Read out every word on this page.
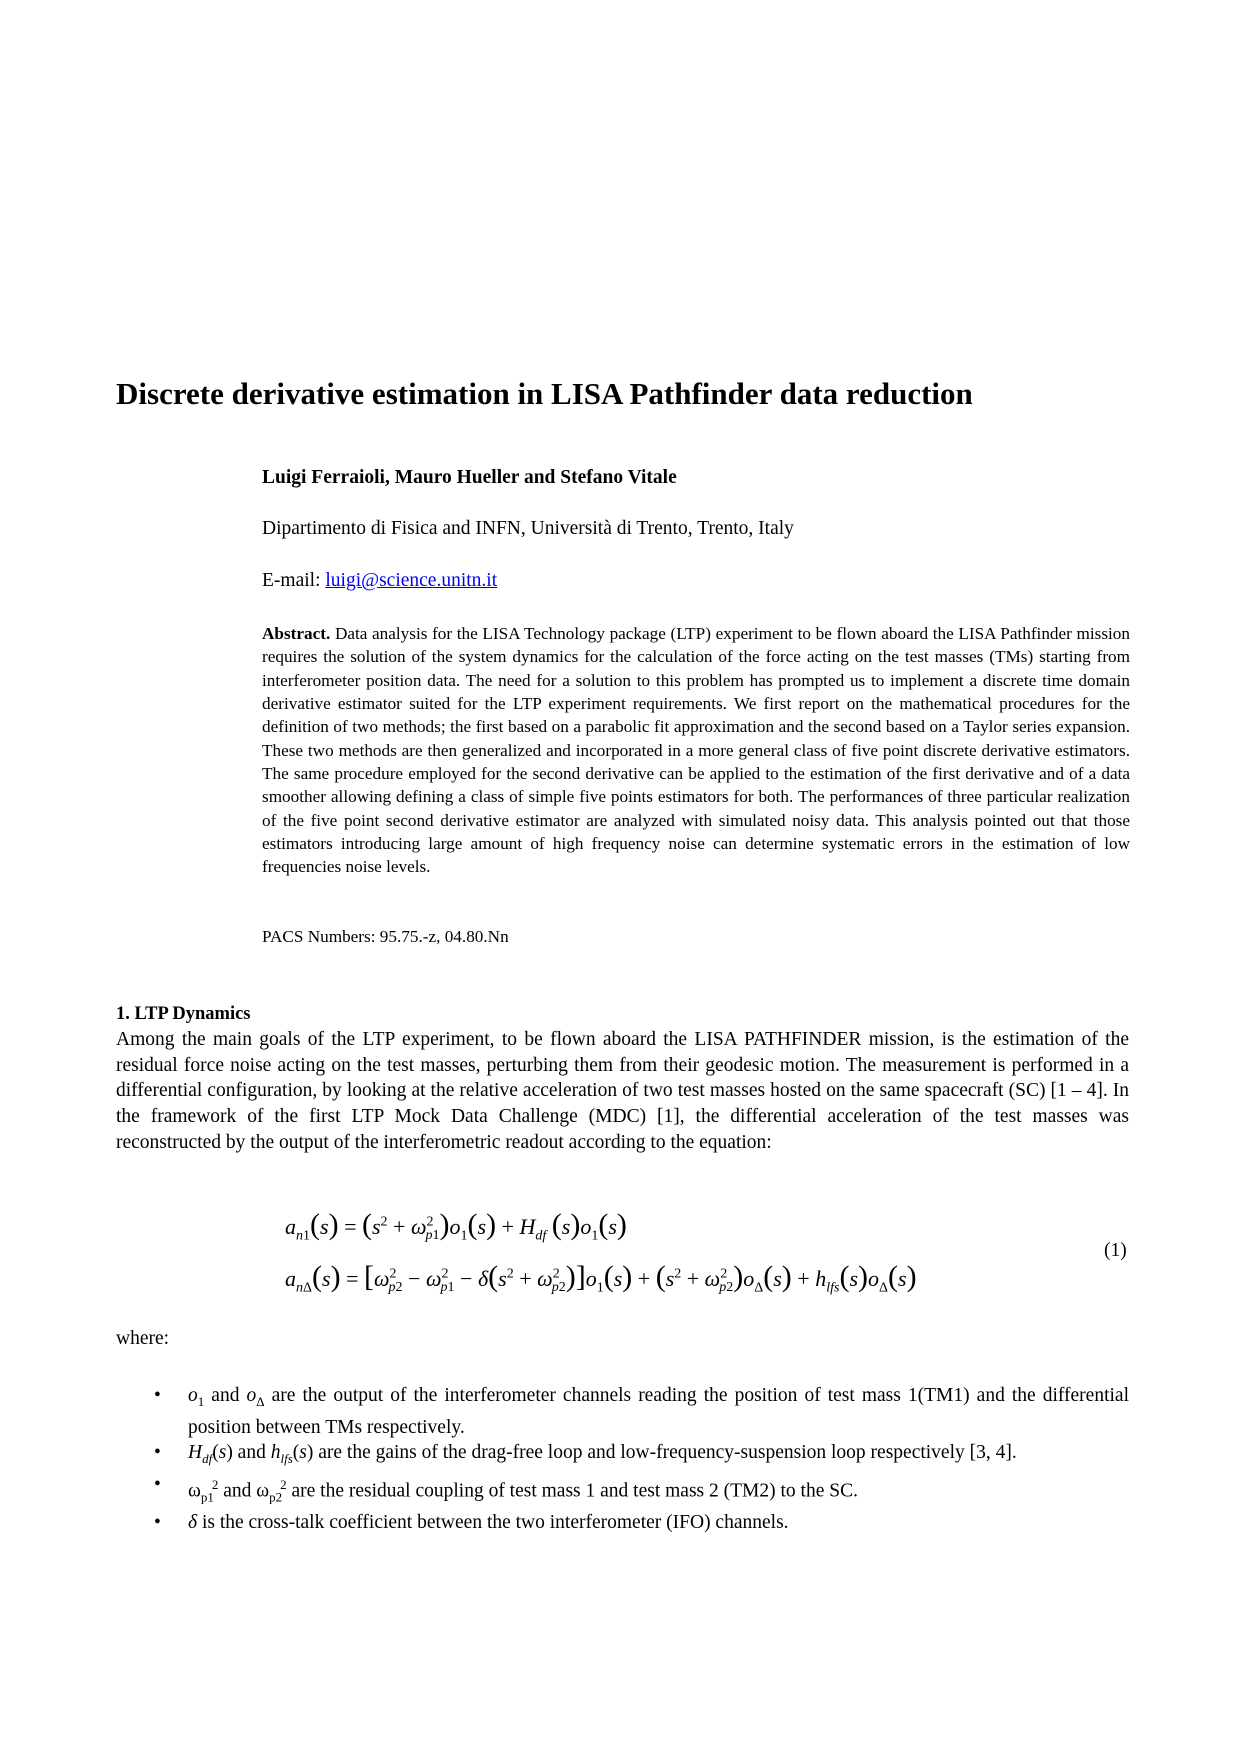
Discrete derivative estimation in LISA Pathfinder data reduction
Luigi Ferraioli, Mauro Hueller and Stefano Vitale
Dipartimento di Fisica and INFN, Università di Trento, Trento, Italy
E-mail: luigi@science.unitn.it
Abstract. Data analysis for the LISA Technology package (LTP) experiment to be flown aboard the LISA Pathfinder mission requires the solution of the system dynamics for the calculation of the force acting on the test masses (TMs) starting from interferometer position data. The need for a solution to this problem has prompted us to implement a discrete time domain derivative estimator suited for the LTP experiment requirements. We first report on the mathematical procedures for the definition of two methods; the first based on a parabolic fit approximation and the second based on a Taylor series expansion. These two methods are then generalized and incorporated in a more general class of five point discrete derivative estimators. The same procedure employed for the second derivative can be applied to the estimation of the first derivative and of a data smoother allowing defining a class of simple five points estimators for both. The performances of three particular realization of the five point second derivative estimator are analyzed with simulated noisy data. This analysis pointed out that those estimators introducing large amount of high frequency noise can determine systematic errors in the estimation of low frequencies noise levels.
PACS Numbers: 95.75.-z, 04.80.Nn
1. LTP Dynamics
Among the main goals of the LTP experiment, to be flown aboard the LISA PATHFINDER mission, is the estimation of the residual force noise acting on the test masses, perturbing them from their geodesic motion. The measurement is performed in a differential configuration, by looking at the relative acceleration of two test masses hosted on the same spacecraft (SC) [1 – 4]. In the framework of the first LTP Mock Data Challenge (MDC) [1], the differential acceleration of the test masses was reconstructed by the output of the interferometric readout according to the equation:
$a_{n1}(s) = (s^2 + \omega^2_{p1})o_1(s) + H_{df}$ $(s)o_1(s)$
$a_{n\Delta}(s) = [\omega^2_{p2} - \omega^2_{p1} - \delta(s^2 + \omega^2_{p2})]o_1(s) + (s^2 + \omega^2_{p2})o_\Delta(s) + h_{lfs}(s)o_\Delta(s)$
(1)
where:
• $o_1$ and $o_\Delta$ are the output of the interferometer channels reading the position of test mass 1(TM1) and the differential position between TMs respectively.
• $H_{df}(s)$ and $h_{lfs}(s)$ are the gains of the drag-free loop and low-frequency-suspension loop respectively [3, 4].
• $\omega_{p1}^2$ and $\omega_{p2}^2$ are the residual coupling of test mass 1 and test mass 2 (TM2) to the SC.
• δ is the cross-talk coefficient between the two interferometer (IFO) channels.
